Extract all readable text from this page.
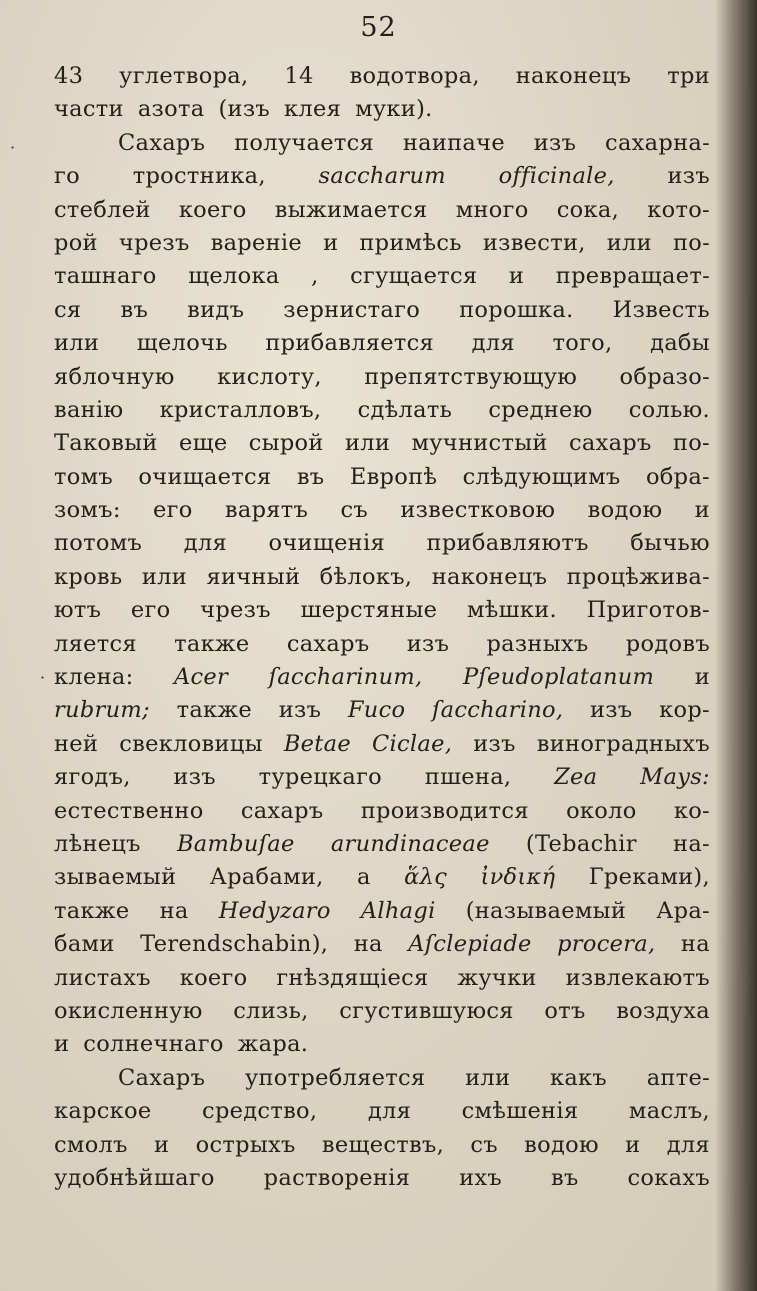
52
43 углетвора, 14 водотвора, наконецъ три
части азота (изъ клея муки).
Сахаръ получается наипаче изъ сахарна-
го тростника, saccharum officinale, изъ
стеблей коего выжимается много сока, кото-
рой чрезъ вареніе и примѣсь извести, или по-
ташнаго щелока , сгущается и превращает-
ся въ видъ зернистаго порошка. Известь
или щелочь прибавляется для того, дабы
яблочную кислоту, препятствующую образо-
ванію кристалловъ, сдѣлать среднею солью.
Таковый еще сырой или мучнистый сахаръ по-
томъ очищается въ Европѣ слѣдующимъ обра-
зомъ: его варятъ съ известковою водою и
потомъ для очищенія прибавляютъ бычью
кровь или яичный бѣлокъ, наконецъ процѣжива-
ютъ его чрезъ шерстяные мѣшки. Приготов-
ляется также сахаръ изъ разныхъ родовъ
клена: Acer ſaccharinum, Pſeudoplatanum и
rubrum; также изъ Fuco ſaccharino, изъ кор-
ней свекловицы Betae Ciclae, изъ виноградныхъ
ягодъ, изъ турецкаго пшена, Zea Mays:
естественно сахаръ производится около ко-
лѣнецъ Bambuſae arundinaceae (Tebachir на-
зываемый Арабами, а ἅλς ἰνδική Греками),
также на Hedyzaro Alhagi (называемый Ара-
бами Terendschabin), на Aſclepiade procera, на
листахъ коего гнѣздящіеся жучки извлекаютъ
окисленную слизь, сгустившуюся отъ воздуха
и солнечнаго жара.
Сахаръ употребляется или какъ апте-
карское средство, для смѣшенія маслъ,
смолъ и острыхъ веществъ, съ водою и для
удобнѣйшаго растворенія ихъ въ сокахъ
·
·
